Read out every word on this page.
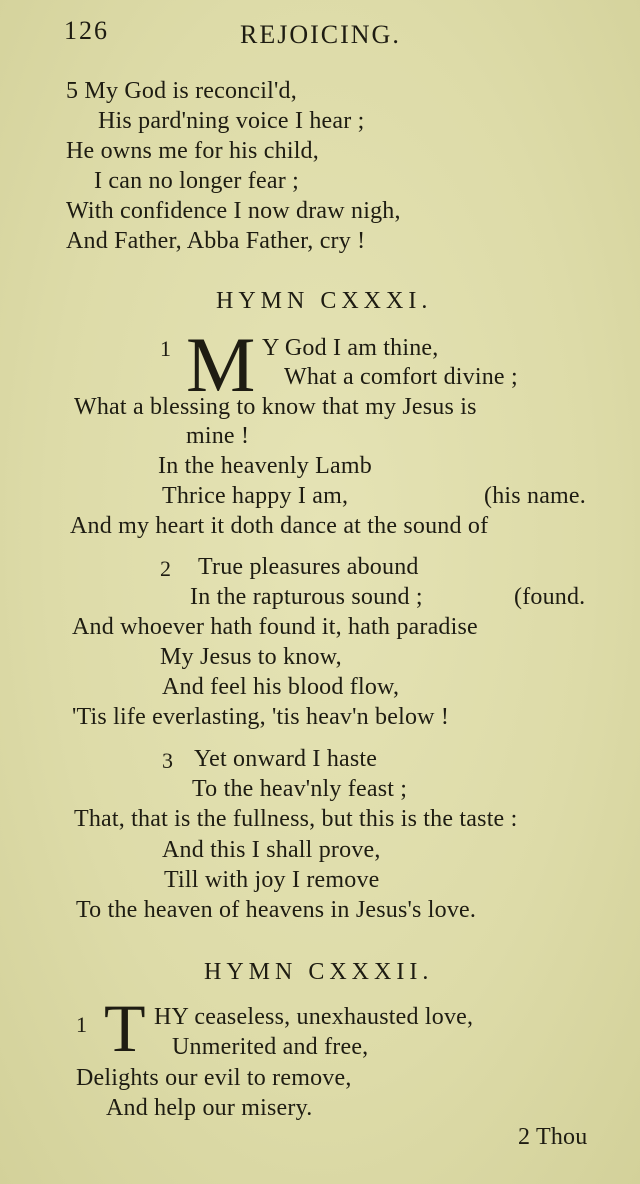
126	REJOICING.
5 My God is reconcil'd,
His pard'ning voice I hear ;
He owns me for his child,
I can no longer fear ;
With confidence I now draw nigh,
And Father, Abba Father, cry !
HYMN CXXXI.
1 M Y God I am thine,
What a comfort divine ;
What a blessing to know that my Jesus is
mine !
In the heavenly Lamb
Thrice happy I am,	(his name.
And my heart it doth dance at the sound of
2 True pleasures abound
In the rapturous sound ;	(found.
And whoever hath found it, hath paradise
My Jesus to know,
And feel his blood flow,
'Tis life everlasting, 'tis heav'n below !
3 Yet onward I haste
To the heav'nly feast ;
That, that is the fullness, but this is the taste :
And this I shall prove,
Till with joy I remove
To the heaven of heavens in Jesus's love.
HYMN CXXXII.
1 T HY ceaseless, unexhausted love,
Unmerited and free,
Delights our evil to remove,
And help our misery.
2 Thou
